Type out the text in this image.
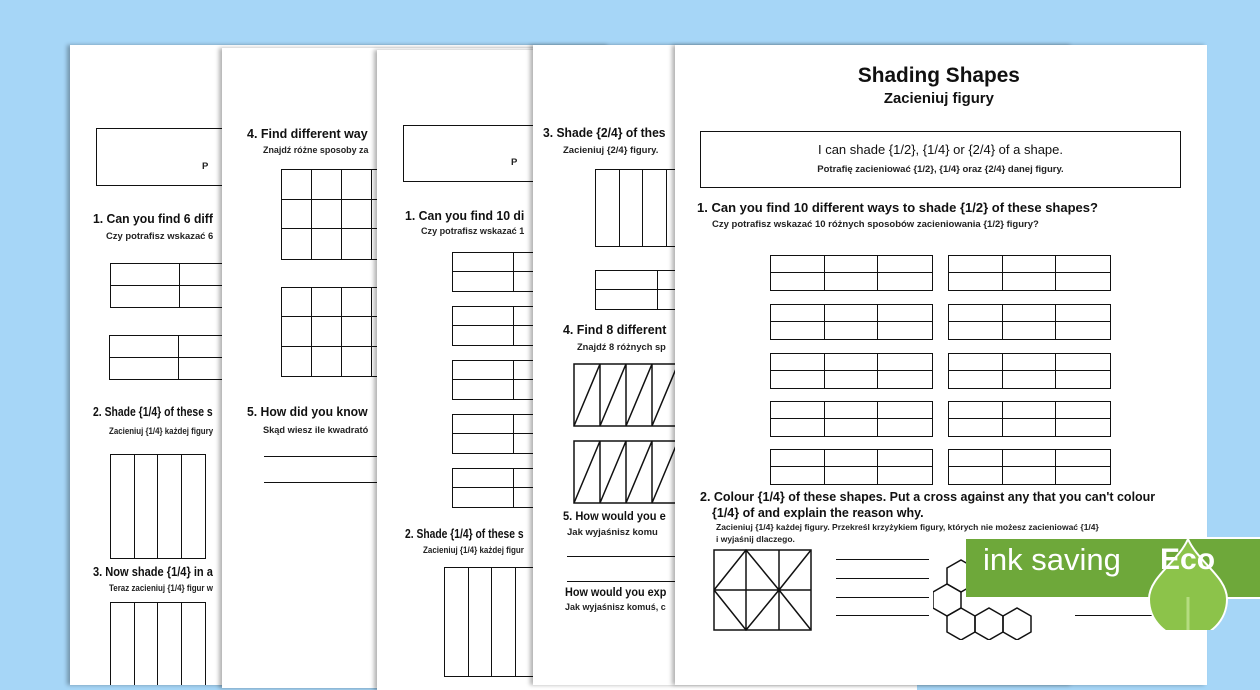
P
1. Can you find 6 diff
Czy potrafisz wskazać 6
2. Shade {1/4} of these s
Zacieniuj {1/4} każdej figury
3. Now shade {1/4} in a
Teraz zacieniuj {1/4} figur w
4. Find different way
Znajdź różne sposoby za
5. How did you know
Skąd wiesz ile kwadrató
P
1. Can you find 10 di
Czy potrafisz wskazać 1
2. Shade {1/4} of these s
Zacieniuj {1/4} każdej figur
3. Shade {2/4} of thes
Zacieniuj {2/4} figury.
4. Find 8 different
Znajdź 8 różnych sp
5. How would you e
Jak wyjaśnisz komu
How would you exp
Jak wyjaśnisz komuś, c
Shading Shapes
Zacieniuj figury
I can shade {1/2}, {1/4} or {2/4} of a shape.
Potrafię zacieniować {1/2}, {1/4} oraz {2/4} danej figury.
1. Can you find 10 different ways to shade {1/2} of these shapes?
Czy potrafisz wskazać 10 różnych sposobów zacieniowania {1/2} figury?
2. Colour {1/4} of these shapes. Put a cross against any that you can't colour
{1/4} of and explain the reason why.
Zacieniuj {1/4} każdej figury. Przekreśl krzyżykiem figury, których nie możesz zacieniować {1/4}
i wyjaśnij dlaczego.
ink saving Eco
